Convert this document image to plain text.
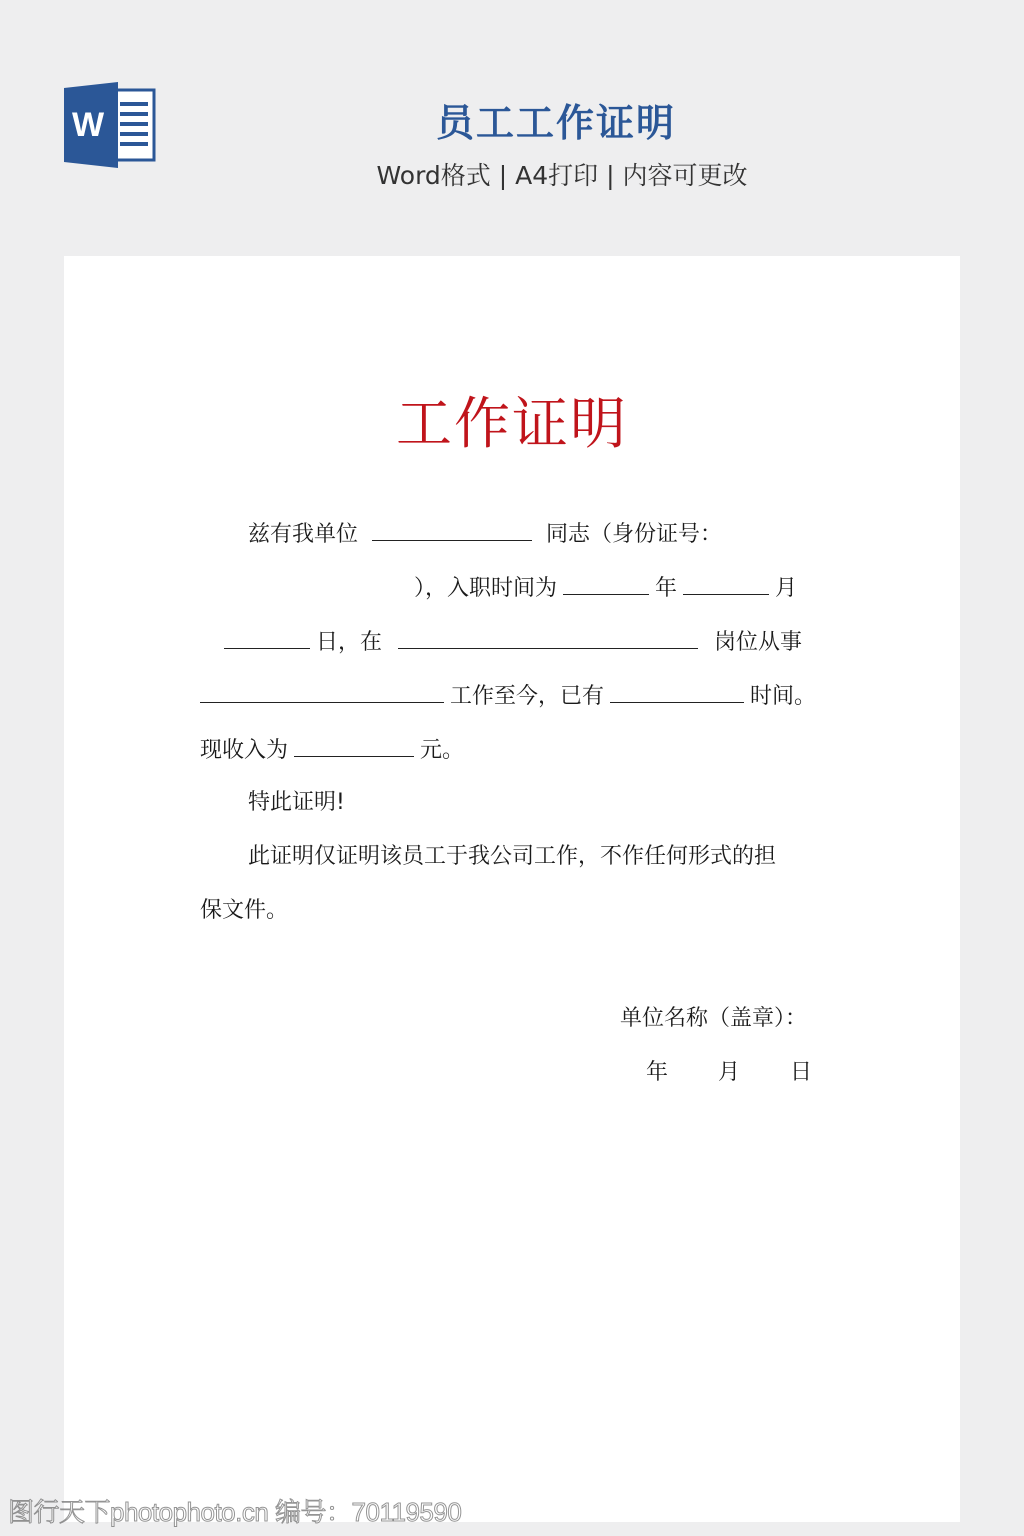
W	员工工作证明
Word格式 | A4打印 | 内容可更改
工作证明
兹有我单位	同志（身份证号：
），入职时间为	年	月
日，在	岗位从事
工作至今，已有	时间。
现收入为	元。
特此证明!
此证明仅证明该员工于我公司工作，不作任何形式的担
保文件。
单位名称（盖章）：
年 月 日
图行天下photophoto.cn 编号：70119590
